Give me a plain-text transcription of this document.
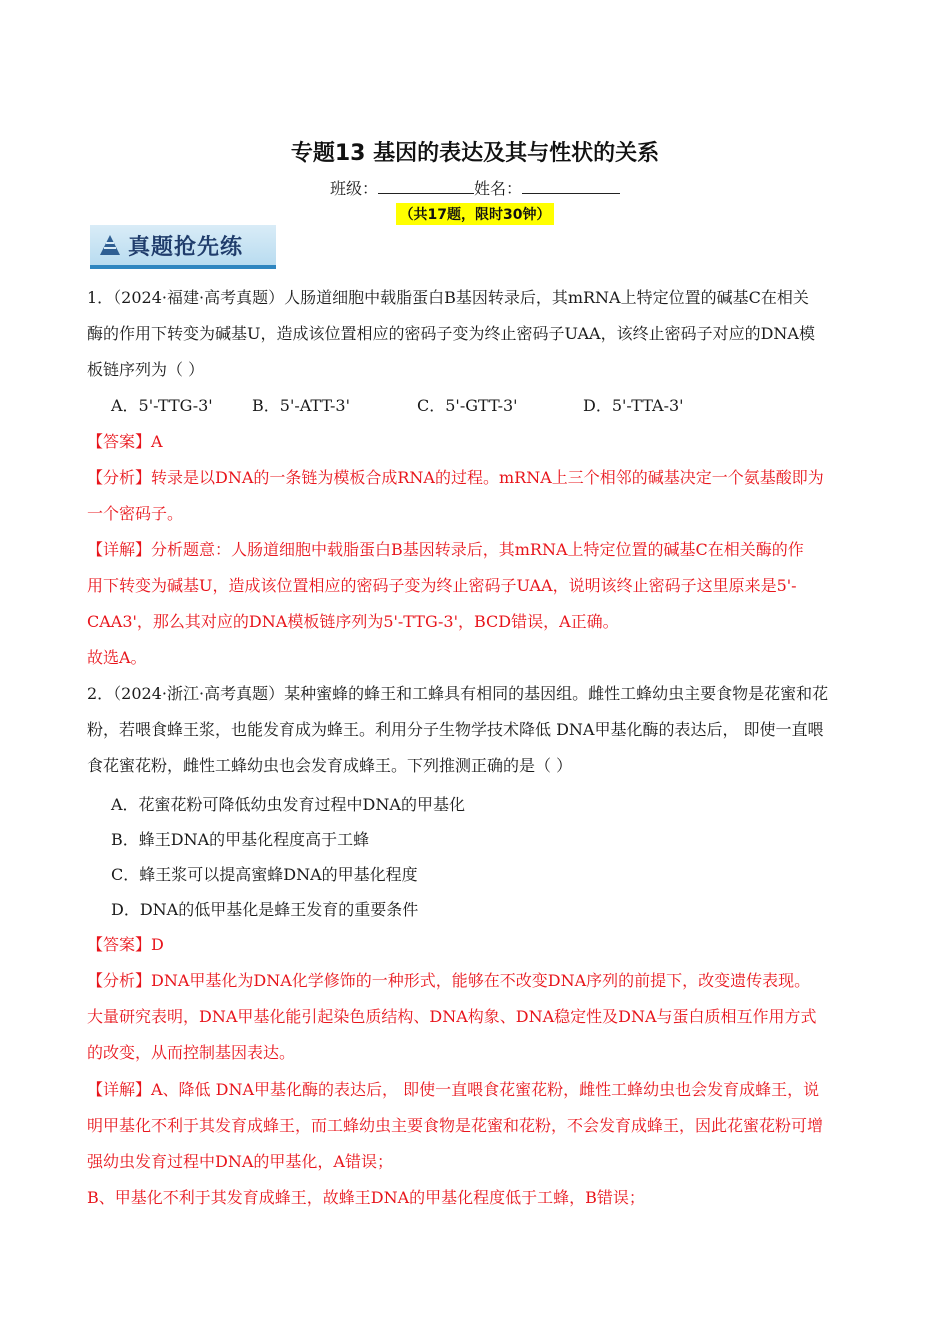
专题13 基因的表达及其与性状的关系
班级：	姓名：
（共17题，限时30钟）
真题抢先练
1．（2024·福建·高考真题）人肠道细胞中载脂蛋白B基因转录后，其mRNA上特定位置的碱基C在相关
酶的作用下转变为碱基U，造成该位置相应的密码子变为终止密码子UAA，该终止密码子对应的DNA模
板链序列为（ ）
A．5'-TTG-3' B．5'-ATT-3'	C．5'-GTT-3'	D．5'-TTA-3'
【答案】A
【分析】转录是以DNA的一条链为模板合成RNA的过程。mRNA上三个相邻的碱基决定一个氨基酸即为
一个密码子。
【详解】分析题意：人肠道细胞中载脂蛋白B基因转录后，其mRNA上特定位置的碱基C在相关酶的作
用下转变为碱基U，造成该位置相应的密码子变为终止密码子UAA，说明该终止密码子这里原来是5'-
CAA3'，那么其对应的DNA模板链序列为5'-TTG-3'，BCD错误，A正确。
故选A。
2．（2024·浙江·高考真题）某种蜜蜂的蜂王和工蜂具有相同的基因组。雌性工蜂幼虫主要食物是花蜜和花
粉，若喂食蜂王浆，也能发育成为蜂王。利用分子生物学技术降低 DNA甲基化酶的表达后， 即使一直喂
食花蜜花粉，雌性工蜂幼虫也会发育成蜂王。下列推测正确的是（ ）
A．花蜜花粉可降低幼虫发育过程中DNA的甲基化
B．蜂王DNA的甲基化程度高于工蜂
C．蜂王浆可以提高蜜蜂DNA的甲基化程度
D．DNA的低甲基化是蜂王发育的重要条件
【答案】D
【分析】DNA甲基化为DNA化学修饰的一种形式，能够在不改变DNA序列的前提下，改变遗传表现。
大量研究表明，DNA甲基化能引起染色质结构、DNA构象、DNA稳定性及DNA与蛋白质相互作用方式
的改变，从而控制基因表达。
【详解】A、降低 DNA甲基化酶的表达后， 即使一直喂食花蜜花粉，雌性工蜂幼虫也会发育成蜂王，说
明甲基化不利于其发育成蜂王，而工蜂幼虫主要食物是花蜜和花粉，不会发育成蜂王，因此花蜜花粉可增
强幼虫发育过程中DNA的甲基化，A错误；
B、甲基化不利于其发育成蜂王，故蜂王DNA的甲基化程度低于工蜂，B错误；
